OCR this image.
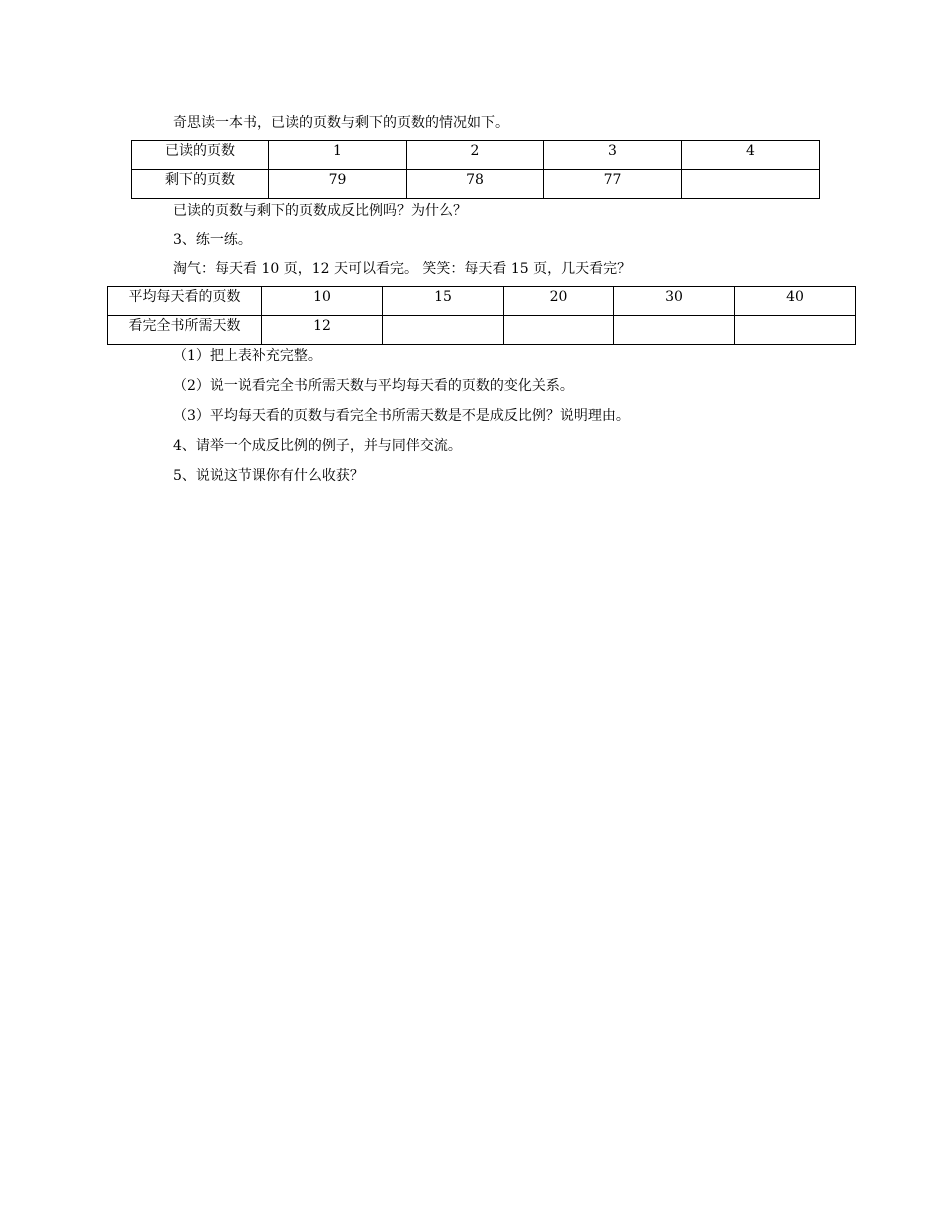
奇思读一本书，已读的页数与剩下的页数的情况如下。
已读的页数	1	2	3	4
剩下的页数	79	78	77	
已读的页数与剩下的页数成反比例吗？为什么？
3、练一练。
淘气：每天看 10 页，12 天可以看完。 笑笑：每天看 15 页，几天看完？
平均每天看的页数	10	15	20	30	40
看完全书所需天数	12				
（1）把上表补充完整。
（2）说一说看完全书所需天数与平均每天看的页数的变化关系。
（3）平均每天看的页数与看完全书所需天数是不是成反比例？说明理由。
4、请举一个成反比例的例子，并与同伴交流。
5、说说这节课你有什么收获？
